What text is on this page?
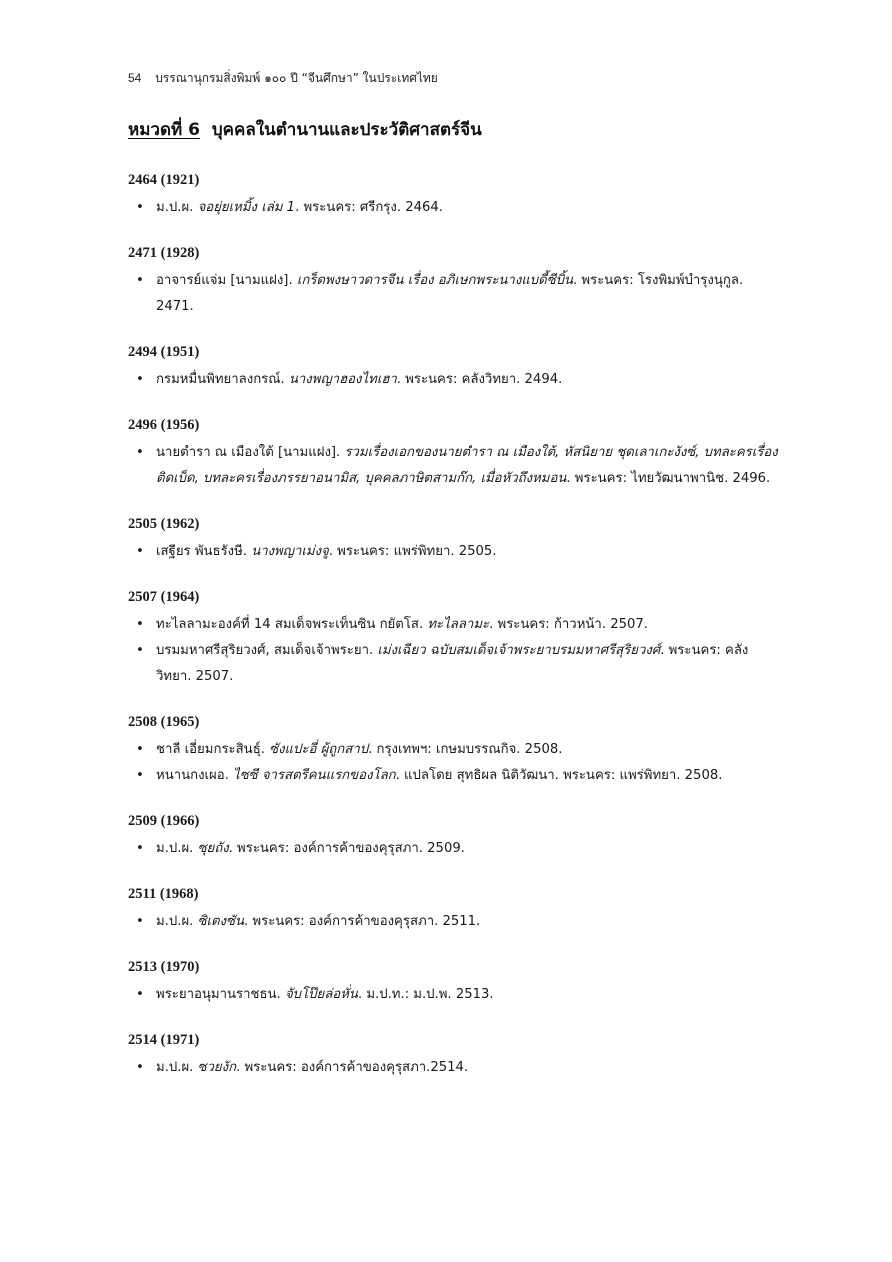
54 บรรณานุกรมสิ่งพิมพ์ ๑๐๐ ปี “จีนศึกษา” ในประเทศไทย
หมวดที่ 6 บุคคลในตำนานและประวัติศาสตร์จีน
2464 (1921)
• ม.ป.ผ. จอยุ่ยเหมิ้ง เล่ม 1. พระนคร: ศรีกรุง. 2464.
2471 (1928)
• อาจารย์แจ่ม [นามแฝง]. เกร็ดพงษาวดารจีน เรื่อง อภิเษกพระนางแบดี้ซีบิ้น. พระนคร: โรงพิมพ์บำรุงนุกูล. 2471.
2494 (1951)
• กรมหมื่นพิทยาลงกรณ์. นางพญาฮองไทเฮา. พระนคร: คลังวิทยา. 2494.
2496 (1956)
• นายตำรา ณ เมืองใต้ [นามแฝง]. รวมเรื่องเอกของนายตำรา ณ เมืองใต้, หัสนิยาย ชุดเลาเกะงังซ์, บทละครเรื่องติดเบ็ด, บทละครเรื่องภรรยาอนามิส, บุคคลภาษิตสามก๊ก, เมื่อหัวถึงหมอน. พระนคร: ไทยวัฒนาพานิช. 2496.
2505 (1962)
• เสฐียร พันธรังษี. นางพญาเม่งจู. พระนคร: แพร่พิทยา. 2505.
2507 (1964)
• ทะไลลามะองค์ที่ 14 สมเด็จพระเท็นซิน กยัตโส. ทะไลลามะ. พระนคร: ก้าวหน้า. 2507.
• บรมมหาศรีสุริยวงศ์, สมเด็จเจ้าพระยา. เม่งเฉียว ฉบับสมเด็จเจ้าพระยาบรมมหาศรีสุริยวงศ์. พระนคร: คลังวิทยา. 2507.
2508 (1965)
• ชาลี เอี่ยมกระสินธุ์. ซังแปะอี่ ผู้ถูกสาป. กรุงเทพฯ: เกษมบรรณกิจ. 2508.
• หนานกงเผอ. ไซซี จารสตรีคนแรกของโลก. แปลโดย สุทธิผล นิติวัฒนา. พระนคร: แพร่พิทยา. 2508.
2509 (1966)
• ม.ป.ผ. ซุยถัง. พระนคร: องค์การค้าของคุรุสภา. 2509.
2511 (1968)
• ม.ป.ผ. ซิเตงซัน. พระนคร: องค์การค้าของคุรุสภา. 2511.
2513 (1970)
• พระยาอนุมานราชธน. จับโป๊ยล่อหั่น. ม.ป.ท.: ม.ป.พ. 2513.
2514 (1971)
• ม.ป.ผ. ซวยงัก. พระนคร: องค์การค้าของคุรุสภา.2514.
